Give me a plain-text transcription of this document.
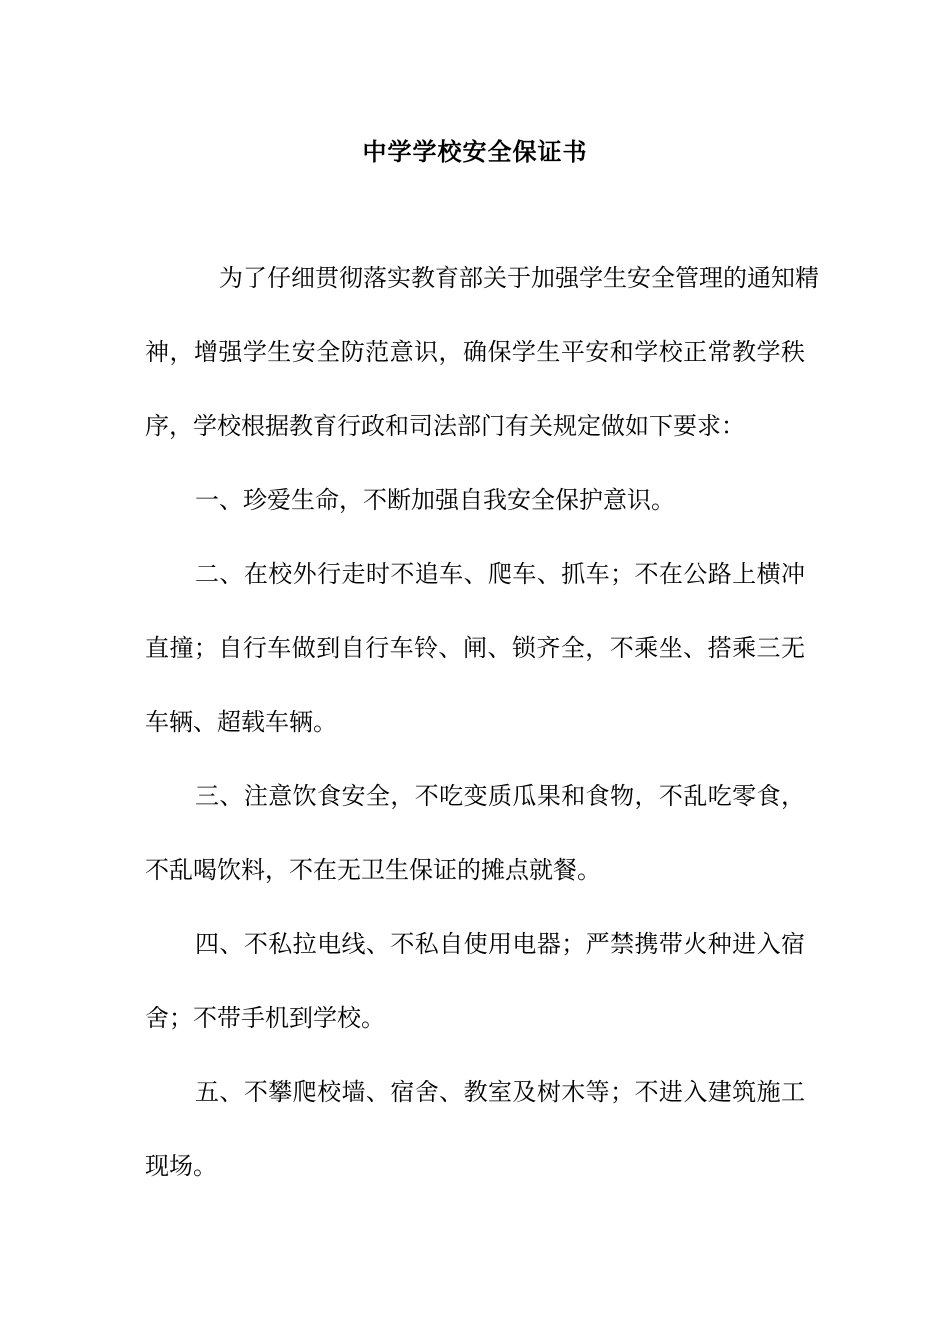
中学学校安全保证书
　为了仔细贯彻落实教育部关于加强学生安全管理的通知精
神，增强学生安全防范意识，确保学生平安和学校正常教学秩
序，学校根据教育行政和司法部门有关规定做如下要求：
一、珍爱生命，不断加强自我安全保护意识。
二、在校外行走时不追车、爬车、抓车；不在公路上横冲
直撞；自行车做到自行车铃、闸、锁齐全，不乘坐、搭乘三无
车辆、超载车辆。
三、注意饮食安全，不吃变质瓜果和食物，不乱吃零食，
不乱喝饮料，不在无卫生保证的摊点就餐。
四、不私拉电线、不私自使用电器；严禁携带火种进入宿
舍；不带手机到学校。
五、不攀爬校墙、宿舍、教室及树木等；不进入建筑施工
现场。
